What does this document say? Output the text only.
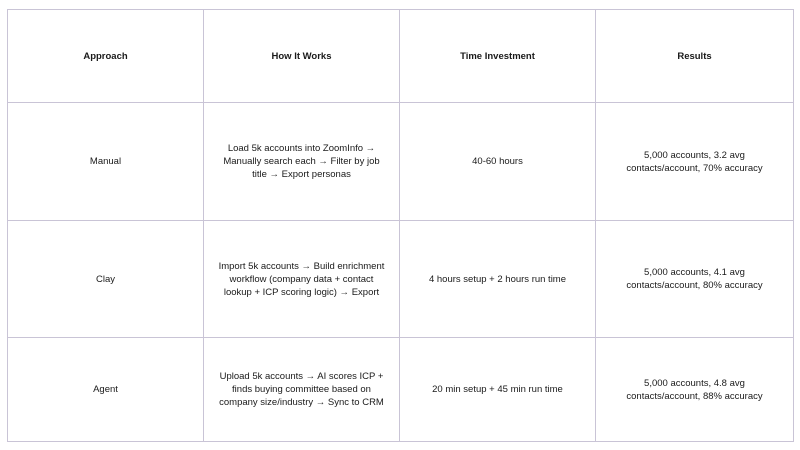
Approach	How It Works	Time Investment	Results
Manual	Load 5k accounts into ZoomInfo → Manually search each → Filter by job title → Export personas	40-60 hours	5,000 accounts, 3.2 avg contacts/account, 70% accuracy
Clay	Import 5k accounts → Build enrichment workflow (company data + contact lookup + ICP scoring logic) → Export	4 hours setup + 2 hours run time	5,000 accounts, 4.1 avg contacts/account, 80% accuracy
Agent	Upload 5k accounts → AI scores ICP + finds buying committee based on company size/industry → Sync to CRM	20 min setup + 45 min run time	5,000 accounts, 4.8 avg contacts/account, 88% accuracy
